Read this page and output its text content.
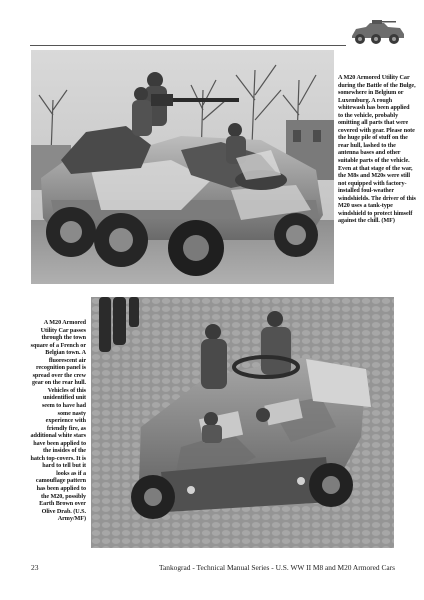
A M20 Armored Utility Car during the Battle of the Bulge, somewhere in Belgium or Luxemburg. A rough whitewash has been applied to the vehicle, probably omitting all parts that were covered with gear. Please note the huge pile of stuff on the rear hull, lashed to the antenna bases and other suitable parts of the vehicle. Even at that stage of the war, the M8s and M20s were still not equipped with factory-installed foul-weather windshields. The driver of this M20 uses a tank-type windshield to protect himself against the chill. (MF)
A M20 Armored Utility Car passes through the town square of a French or Belgian town. A fluorescent air recognition panel is spread over the crew gear on the rear hull. Vehicles of this unidentified unit seem to have had some nasty experience with friendly fire, as additional white stars have been applied to the insides of the hatch top-covers. It is hard to tell but it looks as if a camouflage pattern has been applied to the M20, possibly Earth Brown over Olive Drab. (U.S. Army/MF)
23	Tankograd - Technical Manual Series - U.S. WW II M8 and M20 Armored Cars
